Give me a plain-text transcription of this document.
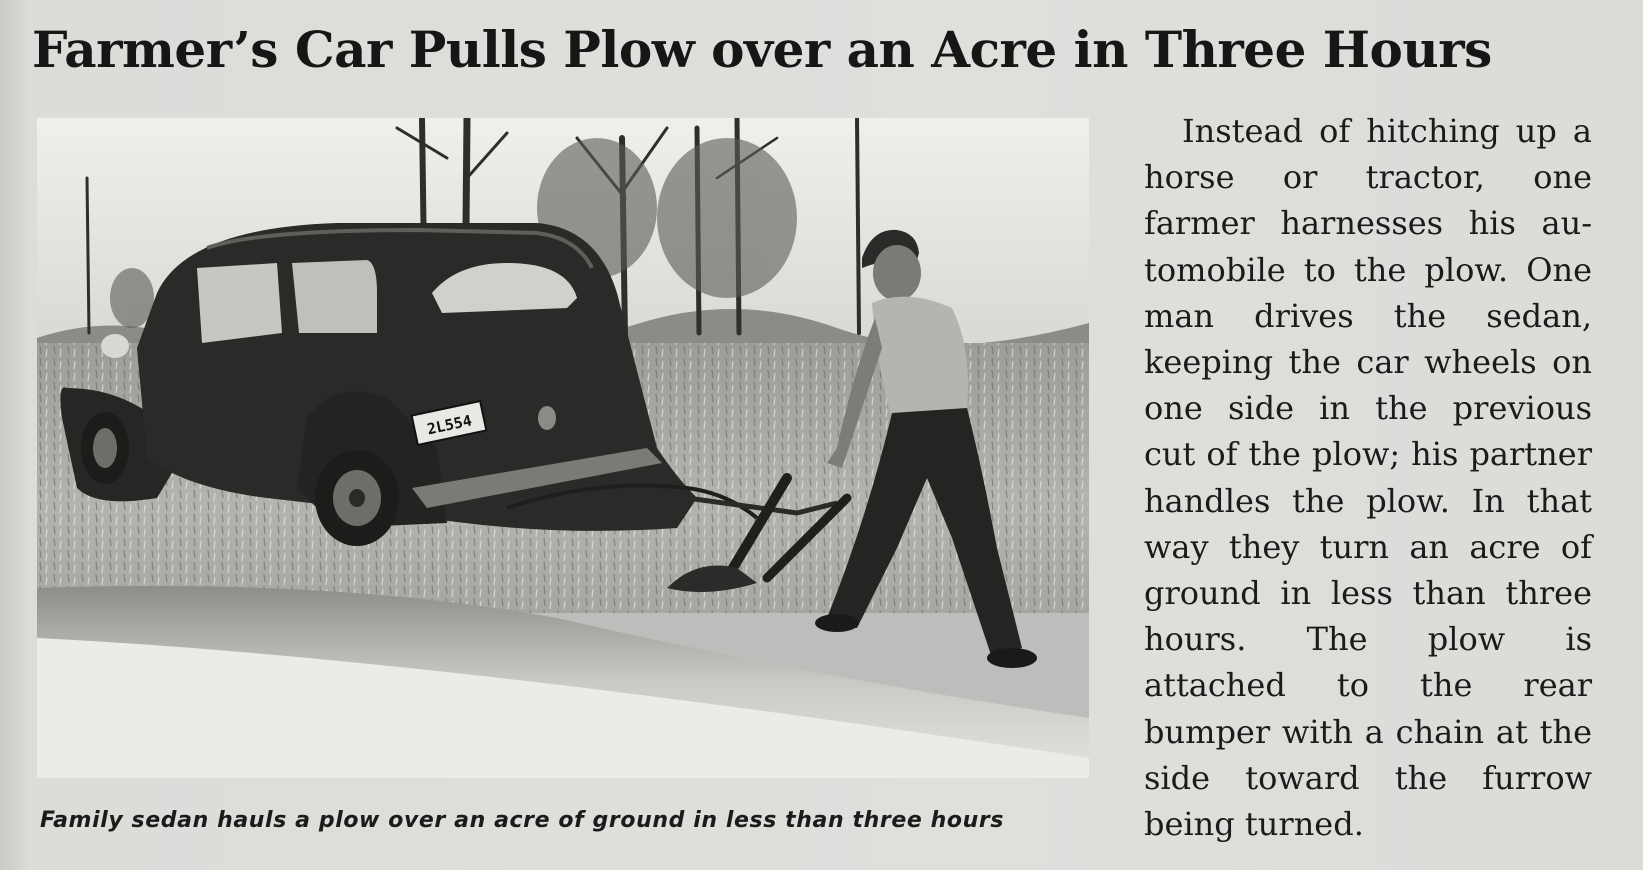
Farmer’s Car Pulls Plow over an Acre in Three Hours
2L554
Family sedan hauls a plow over an acre of ground in less than three hours
Instead of hitching up a horse or tractor, one farmer harnesses his automobile to the plow. One man drives the sedan, keeping the car wheels on one side in the previous cut of the plow; his partner handles the plow. In that way they turn an acre of ground in less than three hours. The plow is attached to the rear bumper with a chain at the side toward the furrow being turned.
